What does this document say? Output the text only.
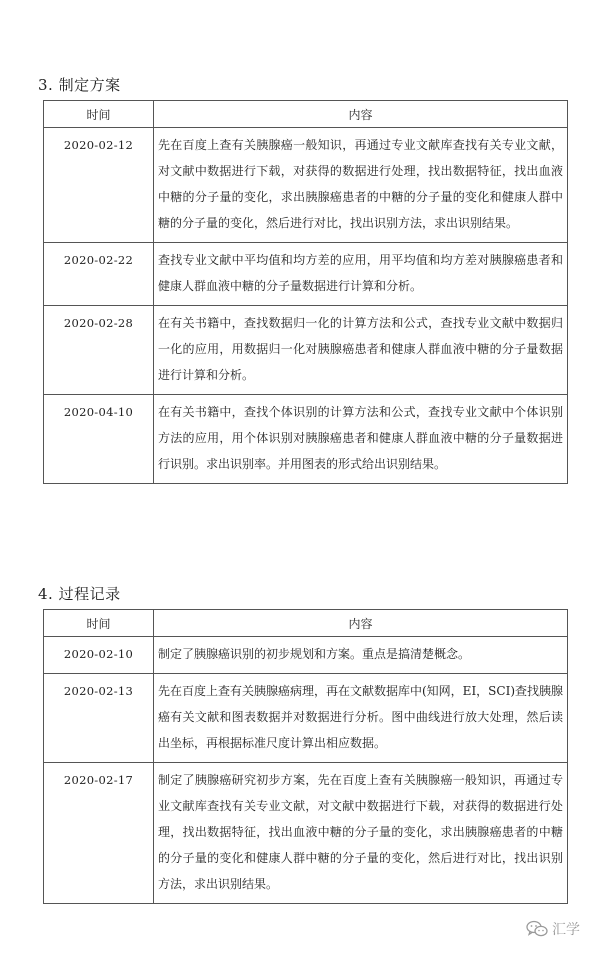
3. 制定方案
时间	内容
2020-02-12	先在百度上查有关胰腺癌一般知识，再通过专业文献库查找有关专业文献，对文献中数据进行下载，对获得的数据进行处理，找出数据特征，找出血液中糖的分子量的变化，求出胰腺癌患者的中糖的分子量的变化和健康人群中糖的分子量的变化，然后进行对比，找出识别方法，求出识别结果。
2020-02-22	查找专业文献中平均值和均方差的应用，用平均值和均方差对胰腺癌患者和健康人群血液中糖的分子量数据进行计算和分析。
2020-02-28	在有关书籍中，查找数据归一化的计算方法和公式，查找专业文献中数据归一化的应用，用数据归一化对胰腺癌患者和健康人群血液中糖的分子量数据进行计算和分析。
2020-04-10	在有关书籍中，查找个体识别的计算方法和公式，查找专业文献中个体识别方法的应用，用个体识别对胰腺癌患者和健康人群血液中糖的分子量数据进行识别。求出识别率。并用图表的形式给出识别结果。
4. 过程记录
时间	内容
2020-02-10	制定了胰腺癌识别的初步规划和方案。重点是搞清楚概念。
2020-02-13	先在百度上查有关胰腺癌病理，再在文献数据库中(知网，EI，SCI)查找胰腺癌有关文献和图表数据并对数据进行分析。图中曲线进行放大处理，然后读出坐标，再根据标准尺度计算出相应数据。
2020-02-17	制定了胰腺癌研究初步方案，先在百度上查有关胰腺癌一般知识，再通过专业文献库查找有关专业文献，对文献中数据进行下载，对获得的数据进行处理，找出数据特征，找出血液中糖的分子量的变化，求出胰腺癌患者的中糖的分子量的变化和健康人群中糖的分子量的变化，然后进行对比，找出识别方法，求出识别结果。
汇学
